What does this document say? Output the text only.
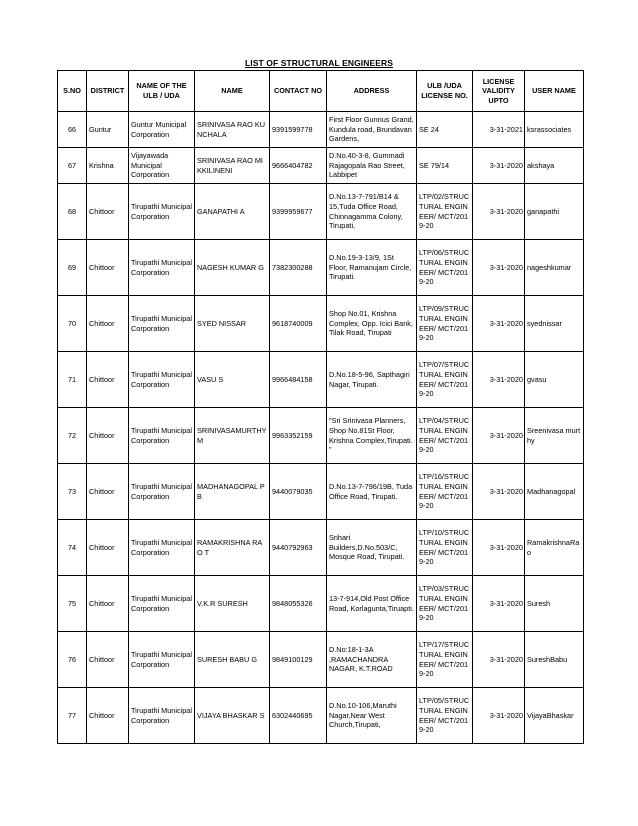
LIST OF STRUCTURAL ENGINEERS
S.NO	DISTRICT	NAME OF THE ULB / UDA	NAME	CONTACT NO	ADDRESS	ULB /UDA LICENSE NO.	LICENSE VALIDITY UPTO	USER NAME

66	Guntur	Guntur Municipal Corporation	SRINIVASA RAO KUNCHALA	9391599778	First Floor Gunnus Grand, Kundula road, Brundavan Gardens,	SE 24	3-31-2021	ksrassociates

67	Krishna	Vijayawada Municipal Corporation	SRINIVASA RAO MIKKILINENI	9666404782	D.No.40-3-8, Gummadi Rajagopala Rao Street, Labbipet	SE 79/14	3-31-2020	akshaya

68	Chittoor	Tirupathi Municipal Corporation	GANAPATHI A	9399959677	D.No.13-7-791/B14 & 15,Tuda Office Road, Chinnagamma Colony, Tirupati,	LTP/02/STRUCTURAL ENGINEER/ MCT/2019-20	3-31-2020	ganapathi

69	Chittoor	Tirupathi Municipal Corporation	NAGESH KUMAR G	7382300288	D.No.19-3-13/9, 1St Floor, Ramanujam Circle, Tirupati.	LTP/06/STRUCTURAL ENGINEER/ MCT/2019-20	3-31-2020	nageshkumar

70	Chittoor	Tirupathi Municipal Corporation	SYED NISSAR	9618740009	Shop No.01, Krishna Complex, Opp. Icici Bank, Tilak Road, Tirupati	LTP/09/STRUCTURAL ENGINEER/ MCT/2019-20	3-31-2020	syednissar

71	Chittoor	Tirupathi Municipal Corporation	VASU S	9966484158	D.No.18-5-96, Sapthagiri Nagar, Tirupati.	LTP/07/STRUCTURAL ENGINEER/ MCT/2019-20	3-31-2020	gvasu

72	Chittoor	Tirupathi Municipal Corporation	SRINIVASAMURTHY M	9963352159	"Sri Srinivasa Planners, Shop No.81St Floor, Krishna Complex,Tirupati. "	LTP/04/STRUCTURAL ENGINEER/ MCT/2019-20	3-31-2020	Sreenivasa murthy

73	Chittoor	Tirupathi Municipal Corporation	MADHANAGOPAL P B	9440079035	D.No.13-7-796/19B, Tuda Office Road, Tirupati.	LTP/16/STRUCTURAL ENGINEER/ MCT/2019-20	3-31-2020	Madhanagopal

74	Chittoor	Tirupathi Municipal Corporation	RAMAKRISHNA RAO T	9440792963	Srihari Builders,D.No.503/C, Mosque Road, Tirupati.	LTP/10/STRUCTURAL ENGINEER/ MCT/2019-20	3-31-2020	RamakrishnaRao

75	Chittoor	Tirupathi Municipal Corporation	V.K.R SURESH	9848055326	13-7-914,Old Post Office Road, Korlagunta,Tiruapti.	LTP/03/STRUCTURAL ENGINEER/ MCT/2019-20	3-31-2020	Suresh

76	Chittoor	Tirupathi Municipal Corporation	SURESH BABU G	9849100129	D.No:18-1-3A ,RAMACHANDRA NAGAR, K.T.ROAD	LTP/17/STRUCTURAL ENGINEER/ MCT/2019-20	3-31-2020	SureshBabu

77	Chittoor	Tirupathi Municipal Corporation	VIJAYA BHASKAR S	6302440695	D.No.10-106,Maruthi Nagar,Near West Church,Tirupati,	LTP/05/STRUCTURAL ENGINEER/ MCT/2019-20	3-31-2020	VijayaBhaskar
